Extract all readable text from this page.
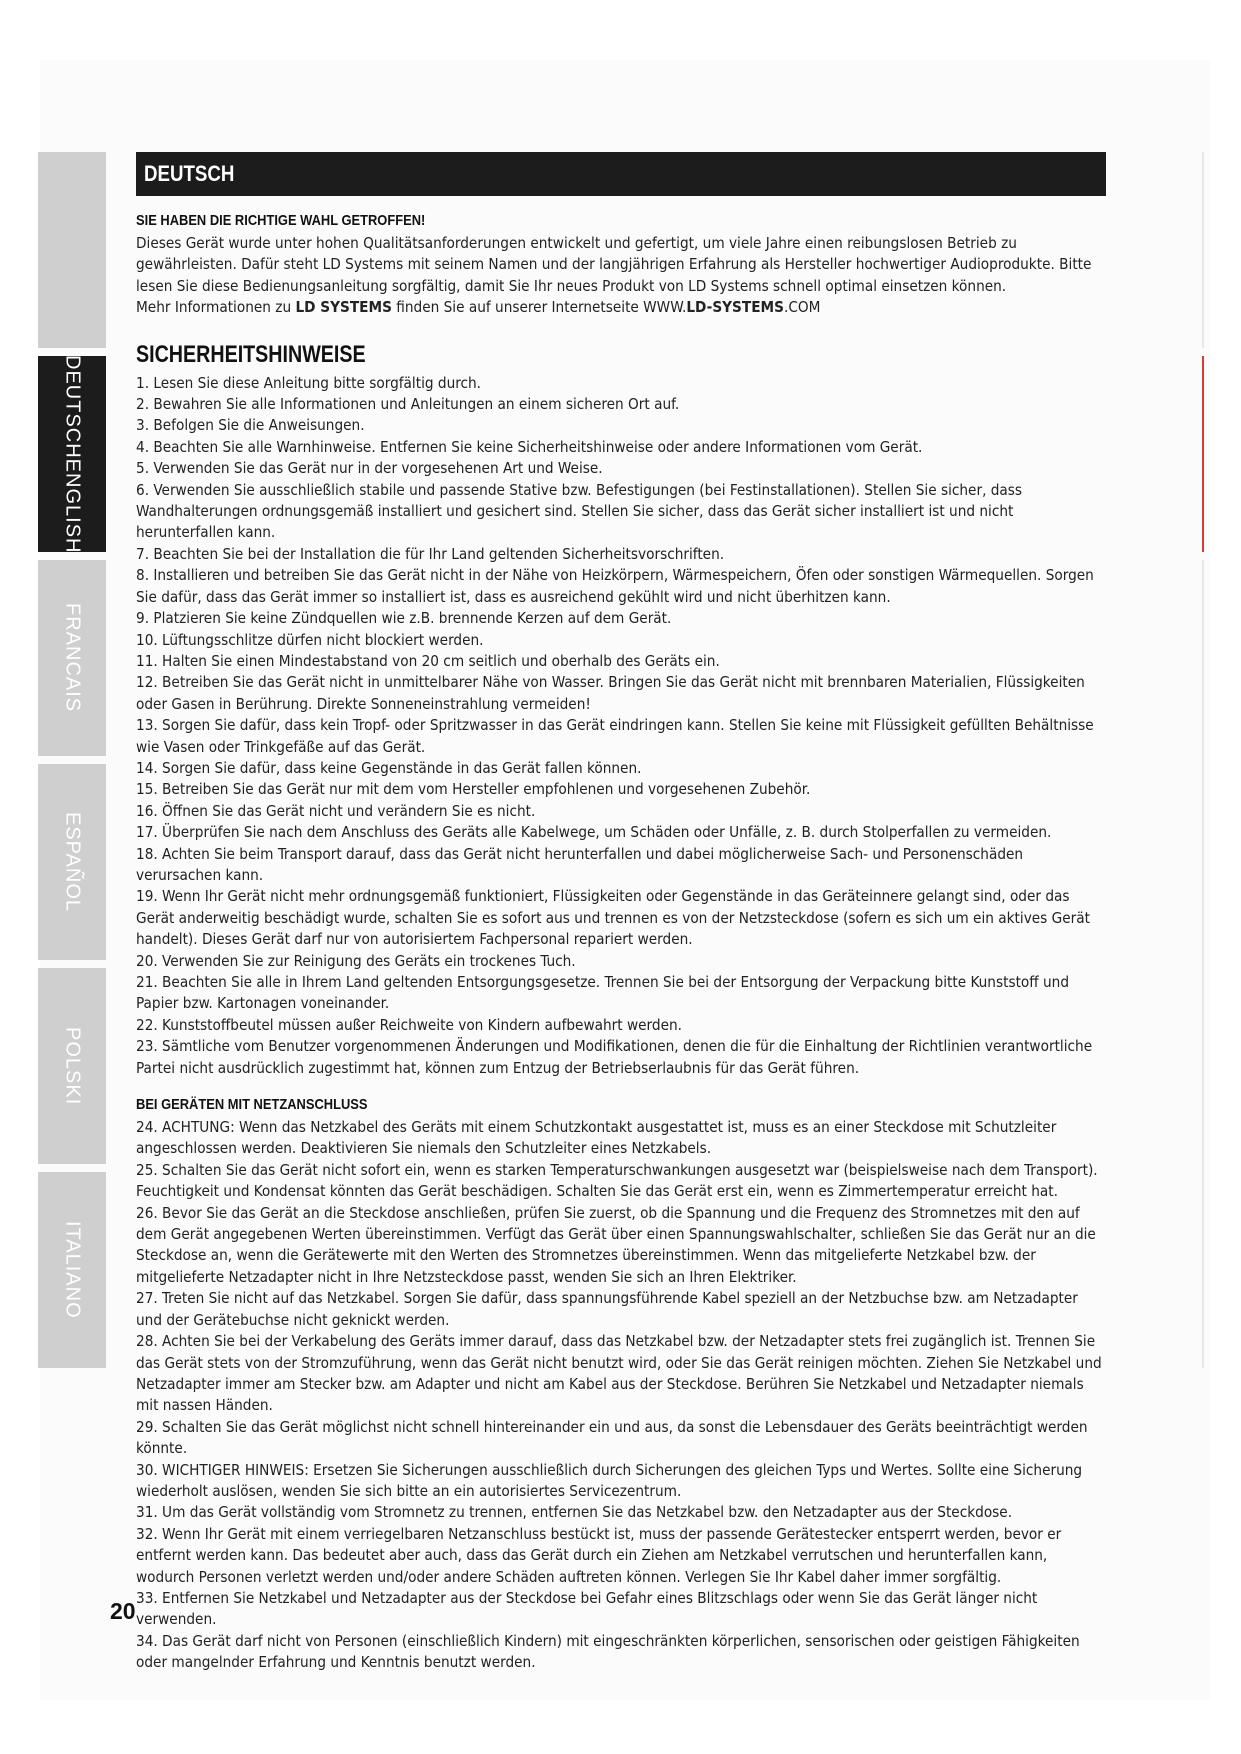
DEUTSCHENGLISH
FRANCAIS
ESPAÑOL
POLSKI
ITALIANO
DEUTSCH
SIE HABEN DIE RICHTIGE WAHL GETROFFEN!

Dieses Gerät wurde unter hohen Qualitätsanforderungen entwickelt und gefertigt, um viele Jahre einen reibungslosen Betrieb zu gewährleisten. Dafür steht LD Systems mit seinem Namen und der langjährigen Erfahrung als Hersteller hochwertiger Audioprodukte. Bitte lesen Sie diese Bedienungsanleitung sorgfältig, damit Sie Ihr neues Produkt von LD Systems schnell optimal einsetzen können.

Mehr Informationen zu LD SYSTEMS finden Sie auf unserer Internetseite WWW.LD-SYSTEMS.COM

SICHERHEITSHINWEISE

1. Lesen Sie diese Anleitung bitte sorgfältig durch.

2. Bewahren Sie alle Informationen und Anleitungen an einem sicheren Ort auf.

3. Befolgen Sie die Anweisungen.

4. Beachten Sie alle Warnhinweise. Entfernen Sie keine Sicherheitshinweise oder andere Informationen vom Gerät.

5. Verwenden Sie das Gerät nur in der vorgesehenen Art und Weise.

6. Verwenden Sie ausschließlich stabile und passende Stative bzw. Befestigungen (bei Festinstallationen). Stellen Sie sicher, dass Wandhalterungen ordnungsgemäß installiert und gesichert sind. Stellen Sie sicher, dass das Gerät sicher installiert ist und nicht herunterfallen kann.

7. Beachten Sie bei der Installation die für Ihr Land geltenden Sicherheitsvorschriften.

8. Installieren und betreiben Sie das Gerät nicht in der Nähe von Heizkörpern, Wärmespeichern, Öfen oder sonstigen Wärmequellen. Sorgen Sie dafür, dass das Gerät immer so installiert ist, dass es ausreichend gekühlt wird und nicht überhitzen kann.

9. Platzieren Sie keine Zündquellen wie z.B. brennende Kerzen auf dem Gerät.

10. Lüftungsschlitze dürfen nicht blockiert werden.

11. Halten Sie einen Mindestabstand von 20 cm seitlich und oberhalb des Geräts ein.

12. Betreiben Sie das Gerät nicht in unmittelbarer Nähe von Wasser. Bringen Sie das Gerät nicht mit brennbaren Materialien, Flüssigkeiten oder Gasen in Berührung. Direkte Sonneneinstrahlung vermeiden!

13. Sorgen Sie dafür, dass kein Tropf- oder Spritzwasser in das Gerät eindringen kann. Stellen Sie keine mit Flüssigkeit gefüllten Behältnisse wie Vasen oder Trinkgefäße auf das Gerät.

14. Sorgen Sie dafür, dass keine Gegenstände in das Gerät fallen können.

15. Betreiben Sie das Gerät nur mit dem vom Hersteller empfohlenen und vorgesehenen Zubehör.

16. Öffnen Sie das Gerät nicht und verändern Sie es nicht.

17. Überprüfen Sie nach dem Anschluss des Geräts alle Kabelwege, um Schäden oder Unfälle, z. B. durch Stolperfallen zu vermeiden.

18. Achten Sie beim Transport darauf, dass das Gerät nicht herunterfallen und dabei möglicherweise Sach- und Personenschäden verursachen kann.

19. Wenn Ihr Gerät nicht mehr ordnungsgemäß funktioniert, Flüssigkeiten oder Gegenstände in das Geräteinnere gelangt sind, oder das Gerät anderweitig beschädigt wurde, schalten Sie es sofort aus und trennen es von der Netzsteckdose (sofern es sich um ein aktives Gerät handelt). Dieses Gerät darf nur von autorisiertem Fachpersonal repariert werden.

20. Verwenden Sie zur Reinigung des Geräts ein trockenes Tuch.

21. Beachten Sie alle in Ihrem Land geltenden Entsorgungsgesetze. Trennen Sie bei der Entsorgung der Verpackung bitte Kunststoff und Papier bzw. Kartonagen voneinander.

22. Kunststoffbeutel müssen außer Reichweite von Kindern aufbewahrt werden.

23. Sämtliche vom Benutzer vorgenommenen Änderungen und Modifikationen, denen die für die Einhaltung der Richtlinien verantwortliche Partei nicht ausdrücklich zugestimmt hat, können zum Entzug der Betriebserlaubnis für das Gerät führen.

BEI GERÄTEN MIT NETZANSCHLUSS

24. ACHTUNG: Wenn das Netzkabel des Geräts mit einem Schutzkontakt ausgestattet ist, muss es an einer Steckdose mit Schutzleiter angeschlossen werden. Deaktivieren Sie niemals den Schutzleiter eines Netzkabels.

25. Schalten Sie das Gerät nicht sofort ein, wenn es starken Temperaturschwankungen ausgesetzt war (beispielsweise nach dem Transport). Feuchtigkeit und Kondensat könnten das Gerät beschädigen. Schalten Sie das Gerät erst ein, wenn es Zimmertemperatur erreicht hat.

26. Bevor Sie das Gerät an die Steckdose anschließen, prüfen Sie zuerst, ob die Spannung und die Frequenz des Stromnetzes mit den auf dem Gerät angegebenen Werten übereinstimmen. Verfügt das Gerät über einen Spannungswahlschalter, schließen Sie das Gerät nur an die Steckdose an, wenn die Gerätewerte mit den Werten des Stromnetzes übereinstimmen. Wenn das mitgelieferte Netzkabel bzw. der mitgelieferte Netzadapter nicht in Ihre Netzsteckdose passt, wenden Sie sich an Ihren Elektriker.

27. Treten Sie nicht auf das Netzkabel. Sorgen Sie dafür, dass spannungsführende Kabel speziell an der Netzbuchse bzw. am Netzadapter und der Gerätebuchse nicht geknickt werden.

28. Achten Sie bei der Verkabelung des Geräts immer darauf, dass das Netzkabel bzw. der Netzadapter stets frei zugänglich ist. Trennen Sie das Gerät stets von der Stromzuführung, wenn das Gerät nicht benutzt wird, oder Sie das Gerät reinigen möchten. Ziehen Sie Netzkabel und Netzadapter immer am Stecker bzw. am Adapter und nicht am Kabel aus der Steckdose. Berühren Sie Netzkabel und Netzadapter niemals mit nassen Händen.

29. Schalten Sie das Gerät möglichst nicht schnell hintereinander ein und aus, da sonst die Lebensdauer des Geräts beeinträchtigt werden könnte.

30. WICHTIGER HINWEIS: Ersetzen Sie Sicherungen ausschließlich durch Sicherungen des gleichen Typs und Wertes. Sollte eine Sicherung wiederholt auslösen, wenden Sie sich bitte an ein autorisiertes Servicezentrum.

31. Um das Gerät vollständig vom Stromnetz zu trennen, entfernen Sie das Netzkabel bzw. den Netzadapter aus der Steckdose.

32. Wenn Ihr Gerät mit einem verriegelbaren Netzanschluss bestückt ist, muss der passende Gerätestecker entsperrt werden, bevor er entfernt werden kann. Das bedeutet aber auch, dass das Gerät durch ein Ziehen am Netzkabel verrutschen und herunterfallen kann, wodurch Personen verletzt werden und/oder andere Schäden auftreten können. Verlegen Sie Ihr Kabel daher immer sorgfältig.

33. Entfernen Sie Netzkabel und Netzadapter aus der Steckdose bei Gefahr eines Blitzschlags oder wenn Sie das Gerät länger nicht verwenden.

34. Das Gerät darf nicht von Personen (einschließlich Kindern) mit eingeschränkten körperlichen, sensorischen oder geistigen Fähigkeiten oder mangelnder Erfahrung und Kenntnis benutzt werden.

20
